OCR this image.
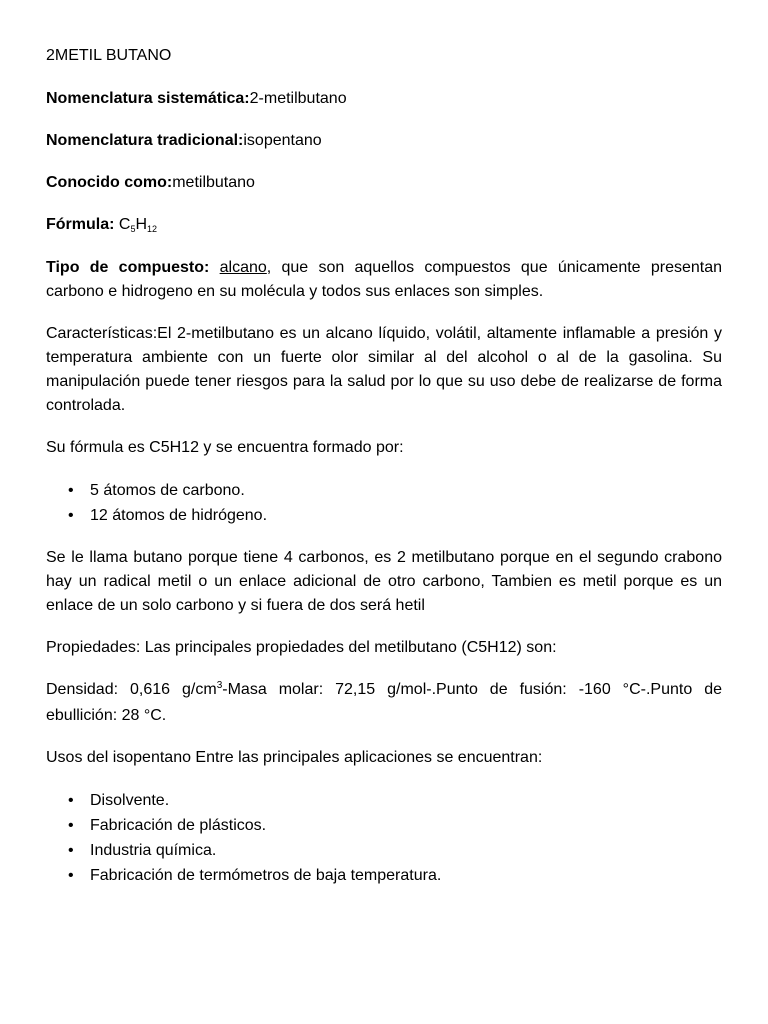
2METIL BUTANO

Nomenclatura sistemática:2-metilbutano

Nomenclatura tradicional:isopentano

Conocido como:metilbutano

Fórmula: C5H12

Tipo de compuesto: alcano, que son aquellos compuestos que únicamente presentan carbono e hidrogeno en su molécula y todos sus enlaces son simples.

Características:El 2-metilbutano es un alcano líquido, volátil, altamente inflamable a presión y temperatura ambiente con un fuerte olor similar al del alcohol o al de la gasolina. Su manipulación puede tener riesgos para la salud por lo que su uso debe de realizarse de forma controlada.

Su fórmula es C5H12 y se encuentra formado por:

• 5 átomos de carbono.
• 12 átomos de hidrógeno.

Se le llama butano porque tiene 4 carbonos, es 2 metilbutano porque en el segundo crabono hay un radical metil o un enlace adicional de otro carbono, Tambien es metil porque es un enlace de un solo carbono y si fuera de dos será hetil

Propiedades: Las principales propiedades del metilbutano (C5H12) son:

Densidad: 0,616 $g/cm^3$-Masa molar: 72,15 g/mol-.Punto de fusión: -160 °C-.Punto de ebullición: 28 °C.

Usos del isopentano Entre las principales aplicaciones se encuentran:

• Disolvente.
• Fabricación de plásticos.
• Industria química.
• Fabricación de termómetros de baja temperatura.
